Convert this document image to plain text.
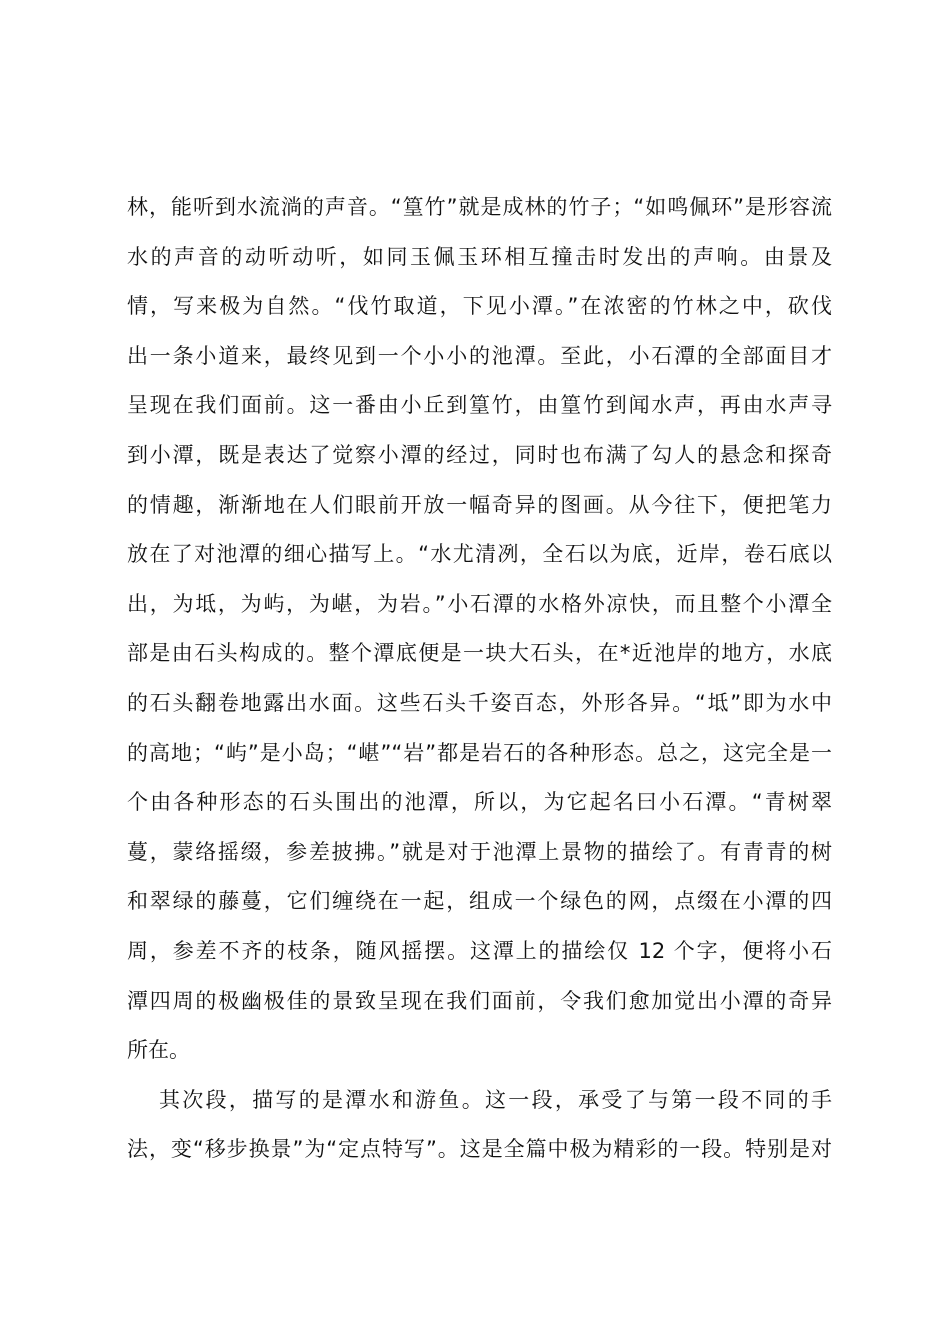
林，能听到水流淌的声音。“篁竹”就是成林的竹子；“如鸣佩环”是形容流
水的声音的动听动听，如同玉佩玉环相互撞击时发出的声响。由景及
情，写来极为自然。“伐竹取道，下见小潭。”在浓密的竹林之中，砍伐
出一条小道来，最终见到一个小小的池潭。至此，小石潭的全部面目才
呈现在我们面前。这一番由小丘到篁竹，由篁竹到闻水声，再由水声寻
到小潭，既是表达了觉察小潭的经过，同时也布满了勾人的悬念和探奇
的情趣，渐渐地在人们眼前开放一幅奇异的图画。从今往下，便把笔力
放在了对池潭的细心描写上。“水尤清冽，全石以为底，近岸，卷石底以
出，为坻，为屿，为嵁，为岩。”小石潭的水格外凉快，而且整个小潭全
部是由石头构成的。整个潭底便是一块大石头，在*近池岸的地方，水底
的石头翻卷地露出水面。这些石头千姿百态，外形各异。“坻”即为水中
的高地；“屿”是小岛；“嵁”“岩”都是岩石的各种形态。总之，这完全是一
个由各种形态的石头围出的池潭，所以，为它起名曰小石潭。“青树翠
蔓，蒙络摇缀，参差披拂。”就是对于池潭上景物的描绘了。有青青的树
和翠绿的藤蔓，它们缠绕在一起，组成一个绿色的网，点缀在小潭的四
周，参差不齐的枝条，随风摇摆。这潭上的描绘仅 12 个字，便将小石
潭四周的极幽极佳的景致呈现在我们面前，令我们愈加觉出小潭的奇异
所在。
其次段，描写的是潭水和游鱼。这一段，承受了与第一段不同的手
法，变“移步换景”为“定点特写”。这是全篇中极为精彩的一段。特别是对
